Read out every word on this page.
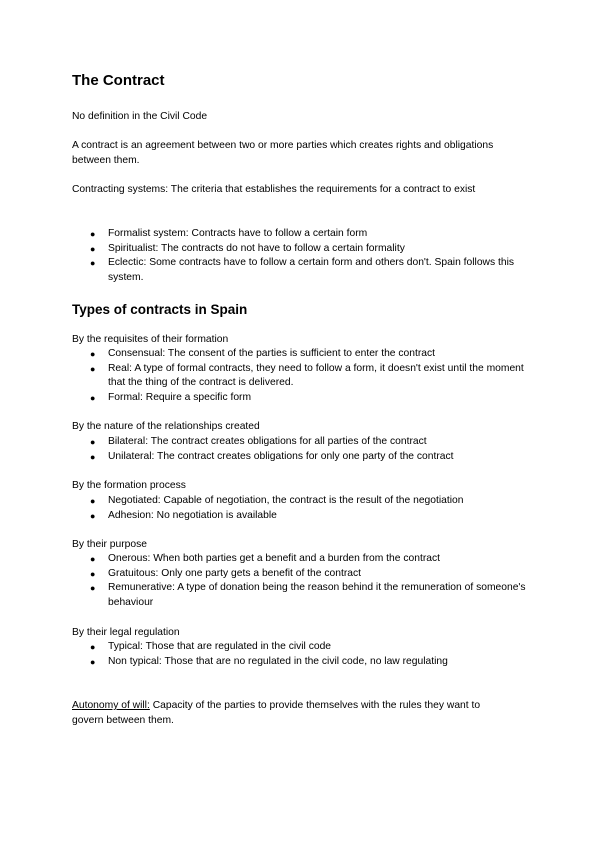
The Contract
No definition in the Civil Code
A contract is an agreement between two or more parties which creates rights and obligations
between them.
Contracting systems: The criteria that establishes the requirements for a contract to exist
● Formalist system: Contracts have to follow a certain form
● Spiritualist: The contracts do not have to follow a certain formality
● Eclectic: Some contracts have to follow a certain form and others don't. Spain follows this system.
Types of contracts in Spain
By the requisites of their formation
● Consensual: The consent of the parties is sufficient to enter the contract
● Real: A type of formal contracts, they need to follow a form, it doesn't exist until the moment that the thing of the contract is delivered.
● Formal: Require a specific form
By the nature of the relationships created
● Bilateral: The contract creates obligations for all parties of the contract
● Unilateral: The contract creates obligations for only one party of the contract
By the formation process
● Negotiated: Capable of negotiation, the contract is the result of the negotiation
● Adhesion: No negotiation is available
By their purpose
● Onerous: When both parties get a benefit and a burden from the contract
● Gratuitous: Only one party gets a benefit of the contract
● Remunerative: A type of donation being the reason behind it the remuneration of someone's behaviour
By their legal regulation
● Typical: Those that are regulated in the civil code
● Non typical: Those that are no regulated in the civil code, no law regulating
Autonomy of will: Capacity of the parties to provide themselves with the rules they want to
govern between them.
